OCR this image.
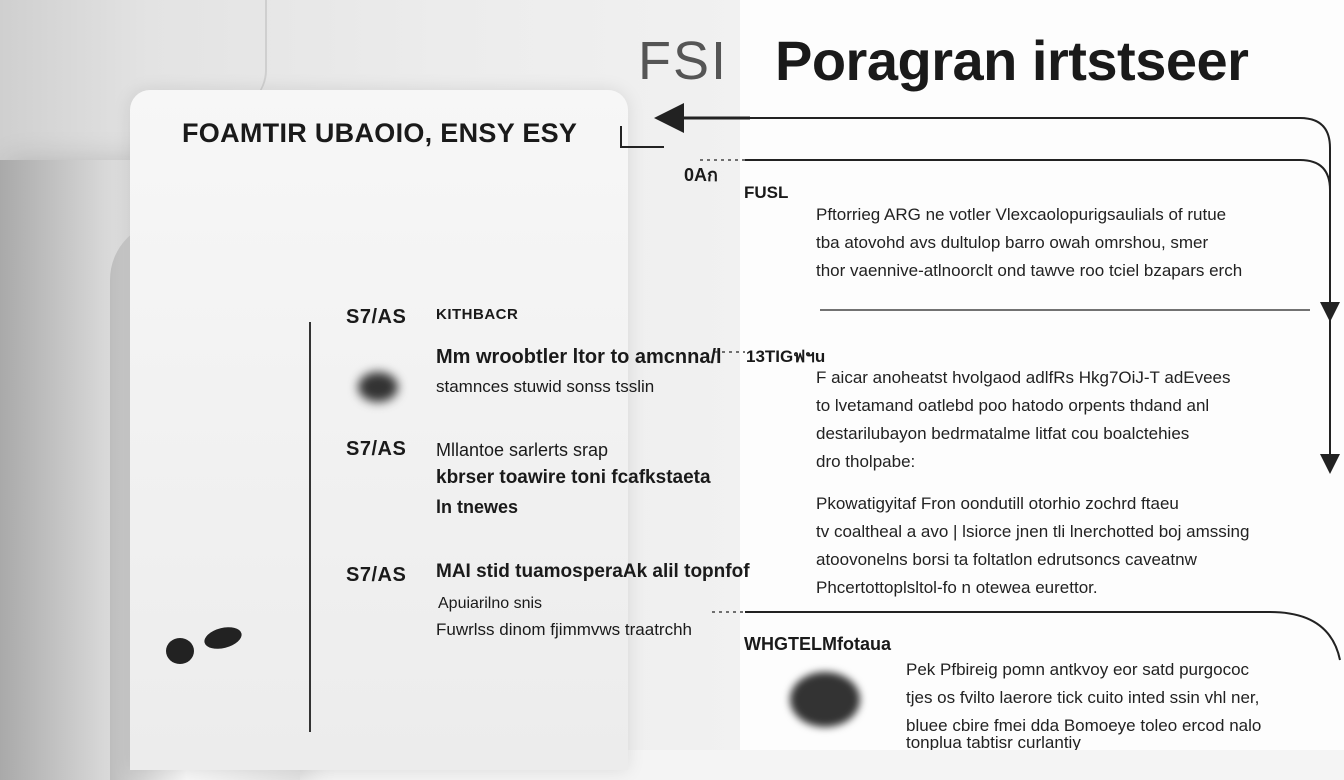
FOAMTIR UBAOIO, ENSY ESY
0Aก
KITHBACR
S7/AS
Mm wroobtler ltor to amcnna/l
stamnces stuwid sonss tsslin
S7/AS Mllantoe sarlerts srap
kbrser toawire toni fcafkstaeta
ln tnewes
S7/AS MAI stid tuamosperaAk alil topnfof
Apuiarilno snis
Fuwrlss dinom fjimmvws traatrchh
FSI Poragran irtstseer
FUSL
Pftorrieg ARG ne votler Vlexcaolopurigsaulials of rutue
tba atovohd avs dultulop barro owah omrshou, smer
thor vaennive-atlnoorclt ond tawve roo tciel bzapars erch
13TIGฟฯu
F aicar anoheatst hvolgaod adlfRs Hkg7OiJ-T adEvees
to lvetamand oatlebd poo hatodo orpents thdand anl
destarilubayon bedrmatalme litfat cou boalctehies
dro tholpabe:
Pkowatigyitaf Fron oondutill otorhio zochrd ftaeu
tv coaltheal a avo | lsiorce jnen tli lnerchotted boj amssing
atoovonelns borsi ta foltatlon edrutsoncs caveatnw
Phcertottoplsltol-fo n otewea eurettor.
WHGTELMfotaua
Pek Pfbireig pomn antkvoy eor satd purgococ
tjes os fvilto laerore tick cuito inted ssin vhl ner,
bluee cbire fmei dda Bomoeye toleo ercod nalo
tonplua tabtisr curlantiy
